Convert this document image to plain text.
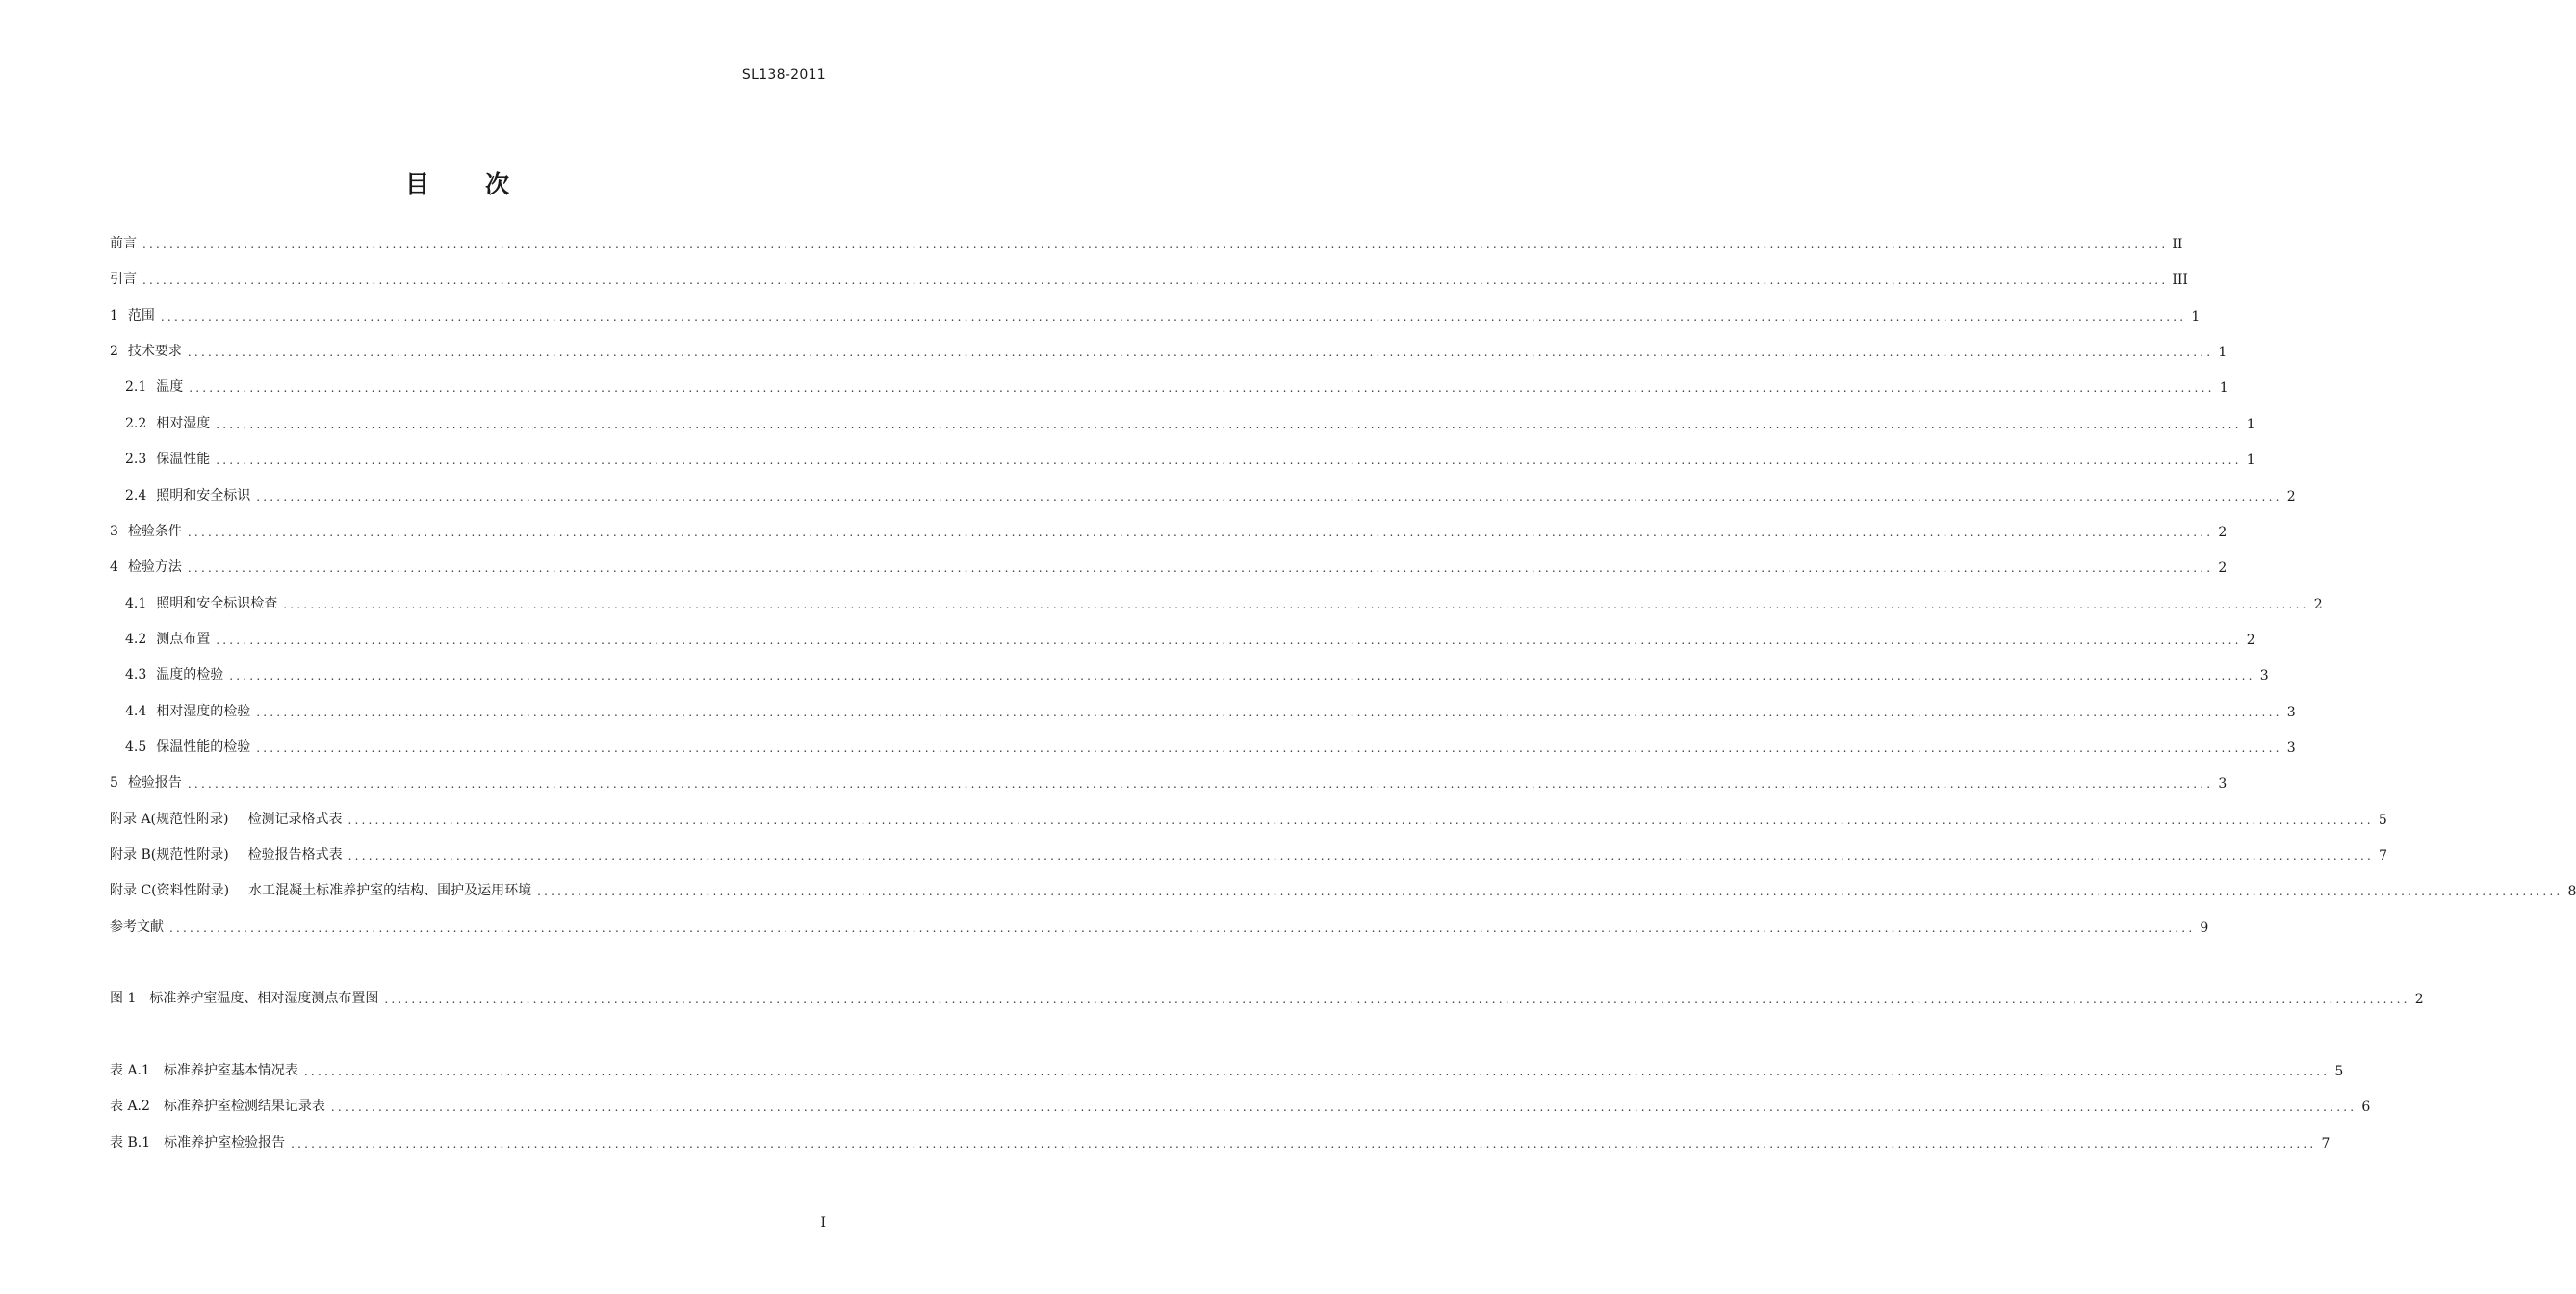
SL138-2011
目 次
前言 ............................................................................................................................................................................................................................................................................................................ II
引言 ............................................................................................................................................................................................................................................................................................................ III
1 范围 ............................................................................................................................................................................................................................................................................................................ 1
2 技术要求 ............................................................................................................................................................................................................................................................................................................ 1
2.1 温度 ............................................................................................................................................................................................................................................................................................................ 1
2.2 相对湿度 ............................................................................................................................................................................................................................................................................................................ 1
2.3 保温性能 ............................................................................................................................................................................................................................................................................................................ 1
2.4 照明和安全标识 ............................................................................................................................................................................................................................................................................................................ 2
3 检验条件 ............................................................................................................................................................................................................................................................................................................ 2
4 检验方法 ............................................................................................................................................................................................................................................................................................................ 2
4.1 照明和安全标识检查 ............................................................................................................................................................................................................................................................................................................ 2
4.2 测点布置 ............................................................................................................................................................................................................................................................................................................ 2
4.3 温度的检验 ............................................................................................................................................................................................................................................................................................................ 3
4.4 相对湿度的检验 ............................................................................................................................................................................................................................................................................................................ 3
4.5 保温性能的检验 ............................................................................................................................................................................................................................................................................................................ 3
5 检验报告 ............................................................................................................................................................................................................................................................................................................ 3
附录 A(规范性附录) 检测记录格式表 ............................................................................................................................................................................................................................................................................................................ 5
附录 B(规范性附录) 检验报告格式表 ............................................................................................................................................................................................................................................................................................................ 7
附录 C(资料性附录) 水工混凝土标准养护室的结构、围护及运用环境 ............................................................................................................................................................................................................................................................................................................ 8
参考文献 ............................................................................................................................................................................................................................................................................................................ 9
图 1 标准养护室温度、相对湿度测点布置图 ............................................................................................................................................................................................................................................................................................................ 2
表 A.1 标准养护室基本情况表 ............................................................................................................................................................................................................................................................................................................ 5
表 A.2 标准养护室检测结果记录表 ............................................................................................................................................................................................................................................................................................................ 6
表 B.1 标准养护室检验报告 ............................................................................................................................................................................................................................................................................................................ 7
I
